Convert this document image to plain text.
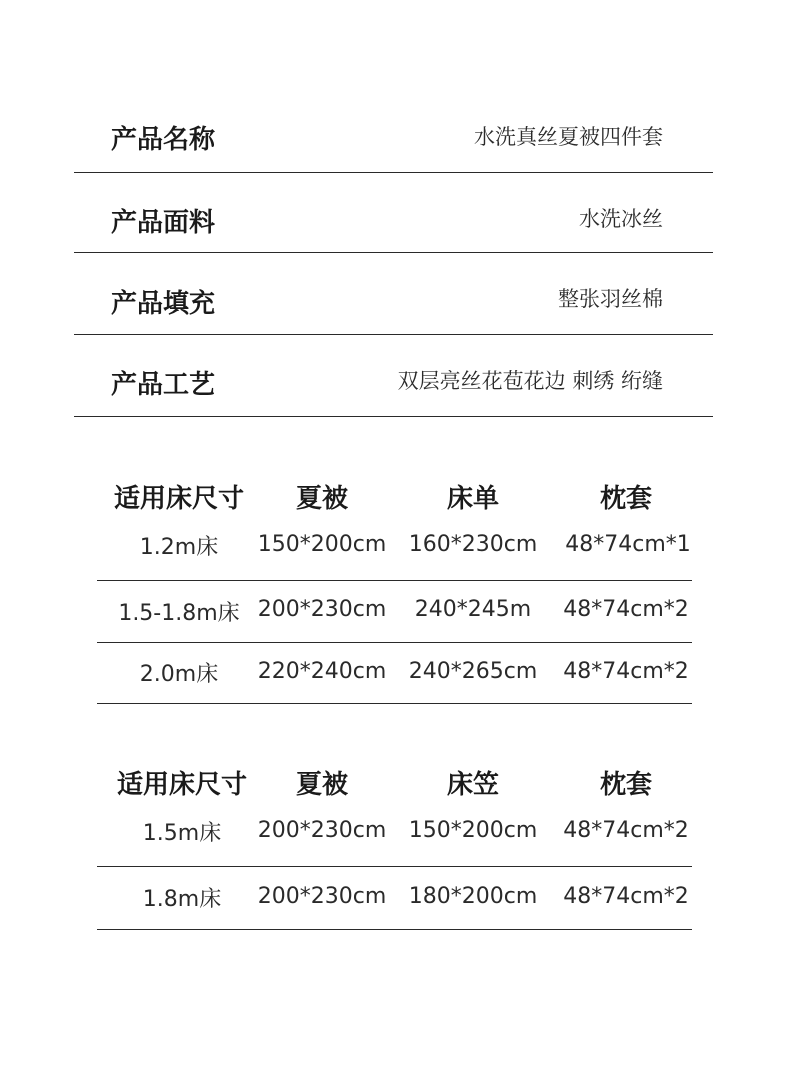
产品名称	水洗真丝夏被四件套
产品面料	水洗冰丝
产品填充	整张羽丝棉
产品工艺	双层亮丝花苞花边 刺绣 绗缝
适用床尺寸 夏被	床单	枕套
1.2m床 150*200cm 160*230cm 48*74cm*1
1.5-1.8m床 200*230cm 240*245m 48*74cm*2
2.0m床 220*240cm 240*265cm 48*74cm*2
适用床尺寸 夏被	床笠	枕套
1.5m床 200*230cm 150*200cm 48*74cm*2
1.8m床 200*230cm 180*200cm 48*74cm*2
